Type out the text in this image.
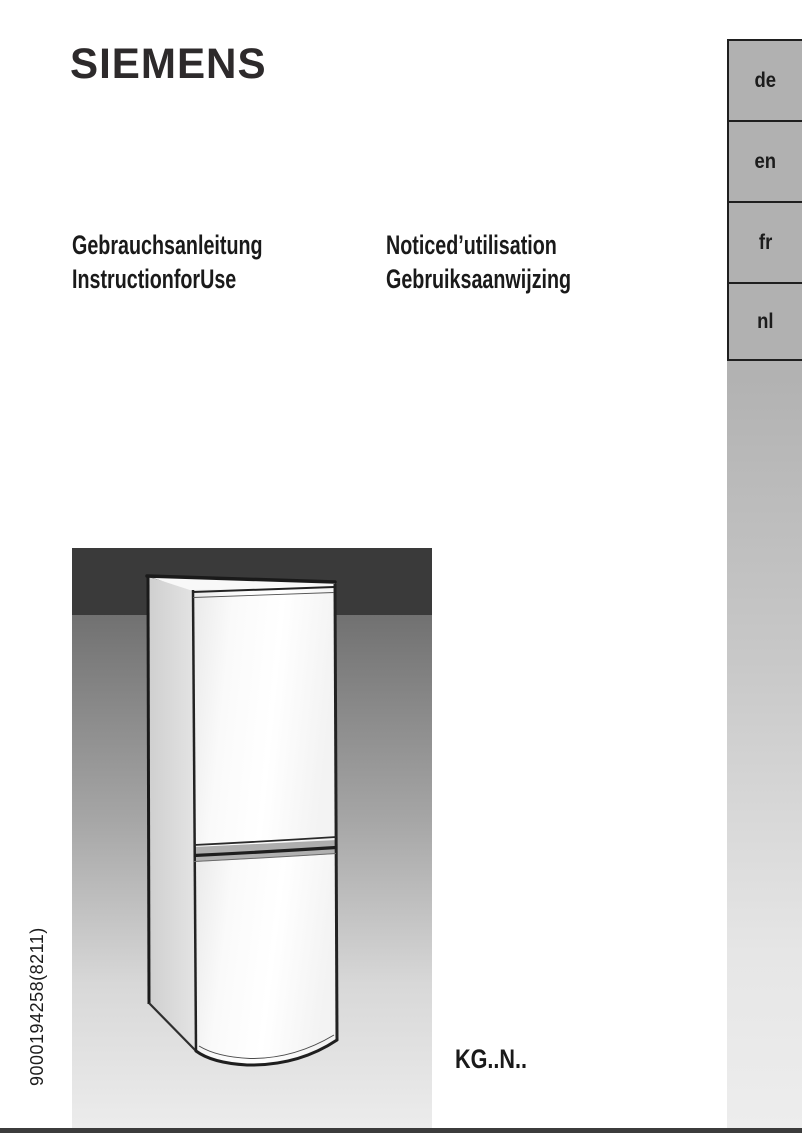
SIEMENS
Gebrauchsanleitung
InstructionforUse
Noticed’utilisation
Gebruiksaanwijzing
de
en
fr
nl
KG..N..
9000194258(8211)
